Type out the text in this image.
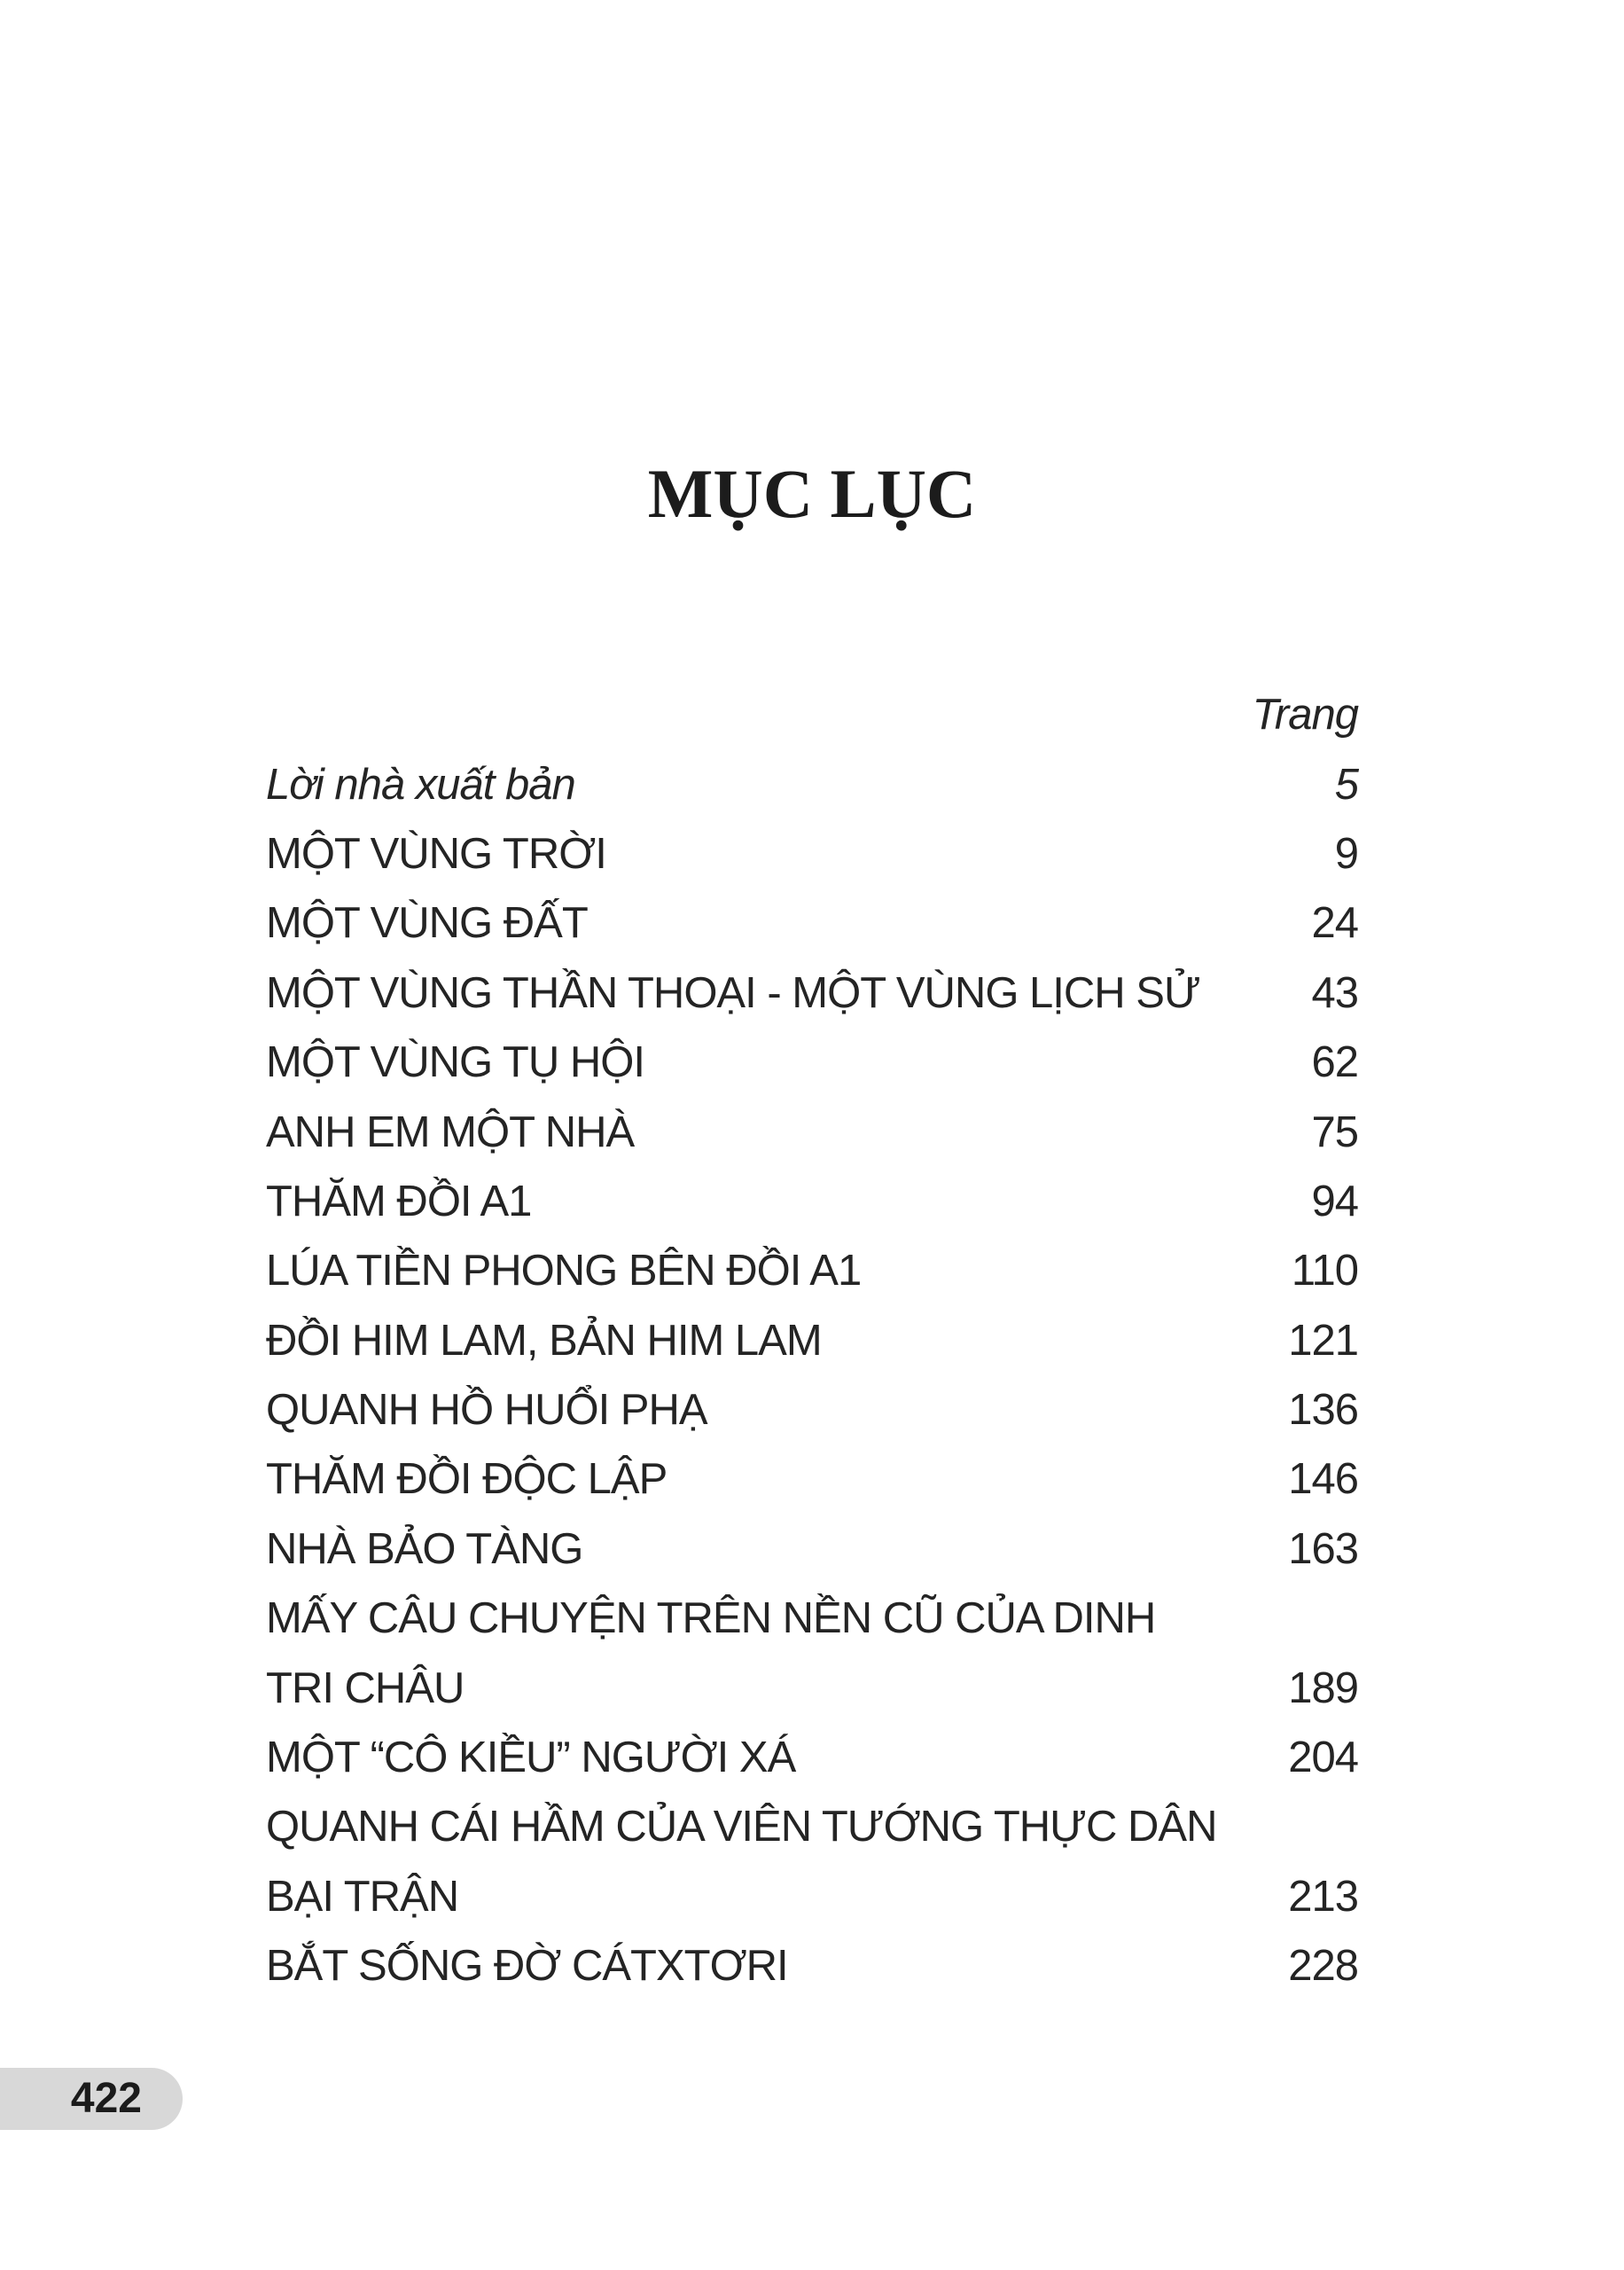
MỤC LỤC
Trang
Lời nhà xuất bản	5
MỘT VÙNG TRỜI	9
MỘT VÙNG ĐẤT	24
MỘT VÙNG THẦN THOẠI - MỘT VÙNG LỊCH SỬ	43
MỘT VÙNG TỤ HỘI	62
ANH EM MỘT NHÀ	75
THĂM ĐỒI A1	94
LÚA TIỀN PHONG BÊN ĐỒI A1	110
ĐỒI HIM LAM, BẢN HIM LAM	121
QUANH HỒ HUỔI PHẠ	136
THĂM ĐỒI ĐỘC LẬP	146
NHÀ BẢO TÀNG	163
MẤY CÂU CHUYỆN TRÊN NỀN CŨ CỦA DINH
TRI CHÂU	189
MỘT “CÔ KIỀU” NGƯỜI XÁ	204
QUANH CÁI HẦM CỦA VIÊN TƯỚNG THỰC DÂN
BẠI TRẬN	213
BẮT SỐNG ĐỜ CÁTXTƠRI	228
422
